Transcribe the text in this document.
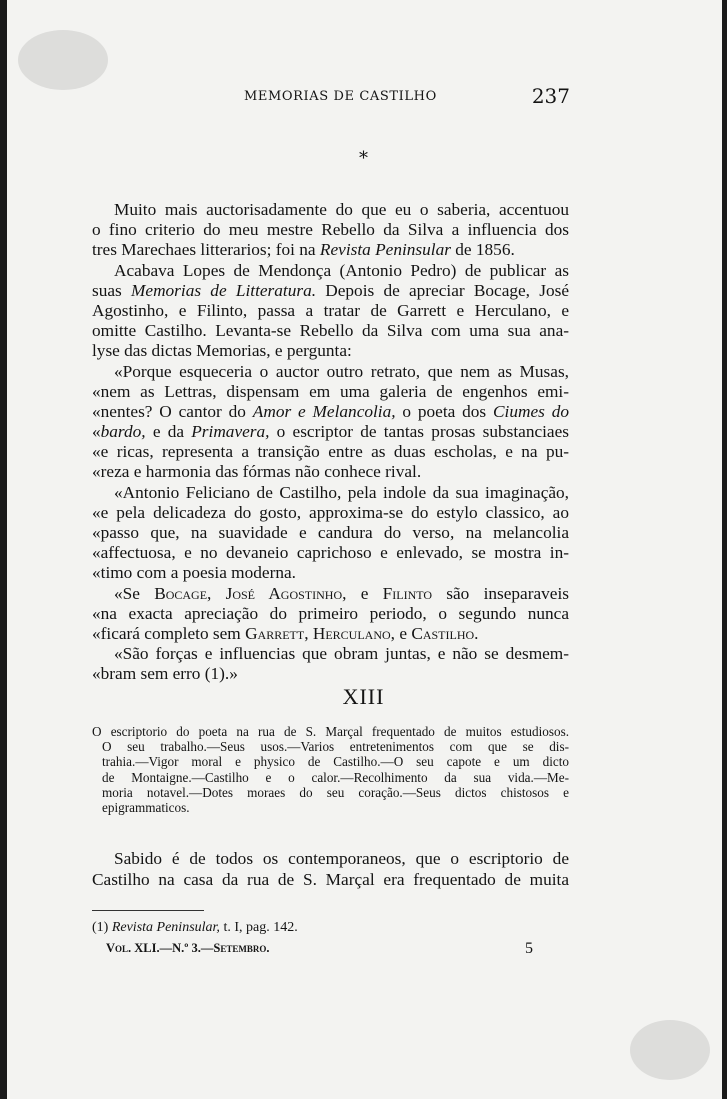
MEMORIAS DE CASTILHO	237
*
Muito mais auctorisadamente do que eu o saberia, accentuou
o fino criterio do meu mestre Rebello da Silva a influencia dos
tres Marechaes litterarios; foi na Revista Peninsular de 1856.
Acabava Lopes de Mendonça (Antonio Pedro) de publicar as
suas Memorias de Litteratura. Depois de apreciar Bocage, José
Agostinho, e Filinto, passa a tratar de Garrett e Herculano, e
omitte Castilho. Levanta-se Rebello da Silva com uma sua ana-
lyse das dictas Memorias, e pergunta:
«Porque esqueceria o auctor outro retrato, que nem as Musas,
«nem as Lettras, dispensam em uma galeria de engenhos emi-
«nentes? O cantor do Amor e Melancolia, o poeta dos Ciumes do
«bardo, e da Primavera, o escriptor de tantas prosas substanciaes
«e ricas, representa a transição entre as duas escholas, e na pu-
«reza e harmonia das fórmas não conhece rival.
«Antonio Feliciano de Castilho, pela indole da sua imaginação,
«e pela delicadeza do gosto, approxima-se do estylo classico, ao
«passo que, na suavidade e candura do verso, na melancolia
«affectuosa, e no devaneio caprichoso e enlevado, se mostra in-
«timo com a poesia moderna.
«Se Bocage, José Agostinho, e Filinto são inseparaveis
«na exacta apreciação do primeiro periodo, o segundo nunca
«ficará completo sem Garrett, Herculano, e Castilho.
«São forças e influencias que obram juntas, e não se desmem-
«bram sem erro (1).»
XIII
O escriptorio do poeta na rua de S. Marçal frequentado de muitos estudiosos.
O seu trabalho.—Seus usos.—Varios entretenimentos com que se dis-
trahia.—Vigor moral e physico de Castilho.—O seu capote e um dicto
de Montaigne.—Castilho e o calor.—Recolhimento da sua vida.—Me-
moria notavel.—Dotes moraes do seu coração.—Seus dictos chistosos e
epigrammaticos.
Sabido é de todos os contemporaneos, que o escriptorio de
Castilho na casa da rua de S. Marçal era frequentado de muita
(1) Revista Peninsular, t. I, pag. 142.
Vol. XLI.—N.º 3.—Setembro.	5
